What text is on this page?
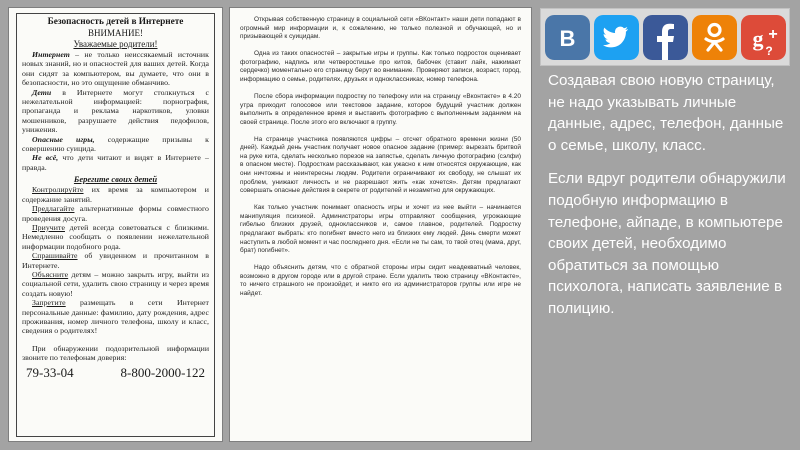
Безопасность детей в Интернете
ВНИМАНИЕ!
Уважаемые родители!

Интернет – не только неиссякаемый источник новых знаний, но и опасностей для ваших детей. Когда они сидят за компьютером, вы думаете, что они в безопасности, но это ощущение обманчиво.

Дети в Интернете могут столкнуться с нежелательной информацией: порнография, пропаганда и реклама наркотиков, уловки мошенников, разрушаете действия педофилов, унижения.

Опасные игры, содержащие призывы к совершению суицида.

Не всё, что дети читают и видят в Интернете – правда.

Берегите своих детей

Контролируйте их время за компьютером и содержание занятий.

Предлагайте альтернативные формы совместного проведения досуга.

Приучите детей всегда советоваться с близкими. Немедленно сообщать о появлении нежелательной информации подобного рода.

Спрашивайте об увиденном и прочитанном в Интернете.

Объясните детям – можно закрыть игру, выйти из социальной сети, удалить свою страницу и через время создать новую!

Запретите размещать в сети Интернет персональные данные: фамилию, дату рождения, адрес проживания, номер личного телефона, школу и класс, сведения о родителях!

При обнаружении подозрительной информации звоните по телефонам доверия:
79-33-04	8-800-2000-122

Открывая собственную страницу в социальной сети «ВКонтакт» наши дети попадают в огромный мир информации и, к сожалению, не только полезной и обучающей, но и призывающей к суицидам.

Одна из таких опасностей – закрытые игры и группы. Как только подросток оценивает фотографию, надпись или четверостишье про китов, бабочек (ставит лайк, нажимает сердечко) моментально его страницу берут во внимание. Проверяют записи, возраст, город, информацию о семье, родителях, друзьях и одноклассниках, номер телефона.

После сбора информации подростку по телефону или на страницу «Вконтакте» в 4.20 утра приходит голосовое или текстовое задание, которое будущий участник должен выполнить в определенное время и выставить фотографию с выполненным заданием на своей странице. После этого его включают в группу.

На странице участника появляются цифры – отсчет обратного времени жизни (50 дней). Каждый день участник получает новое опасное задание (пример: вырезать бритвой на руке кита, сделать несколько порезов на запястье, сделать личную фотографию (сэлфи) в опасном месте). Подросткам рассказывают, как ужасно к ним относятся окружающие, как они ничтожны и неинтересны людям. Родители ограничивают их свободу, не слышат их проблем, унижают личность и не разрешают жить «как хочется». Детям предлагают совершать опасные действия в секрете от родителей и незаметно для окружающих.

Как только участник понимает опасность игры и хочет из нее выйти – начинается манипуляция психикой. Администраторы игры отправляют сообщения, угрожающие гибелью близких друзей, одноклассников и, самое главное, родителей. Подростку предлагают выбрать: кто погибнет вместо него из близких ему людей. День смерти может наступить в любой момент и час последнего дня. «Если не ты сам, то твой отец (мама, друг, брат) погибнет».

Надо объяснить детям, что с обратной стороны игры сидит неадекватный человек, возможно в другом городе или в другой стране. Если удалить твою страницу «ВКонтакте», то ничего страшного не произойдет, и никто его из администраторов группы или игре не найдет.

B	g +
?

Создавая свою новую страницу, не надо указывать личные данные, адрес, телефон, данные о семье, школу, класс.

Если вдруг родители обнаружили подобную информацию в телефоне, айпаде, в компьютере своих детей, необходимо обратиться за помощью психолога, написать заявление в полицию.
